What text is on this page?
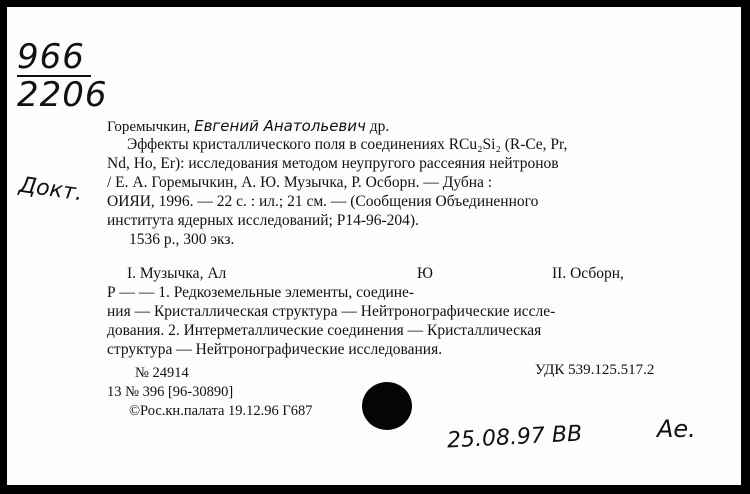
966

2206
Докт.
Горемычкин, Евгений Анатольевич др.
Эффекты кристаллического поля в соединениях RCu₂Si₂ (R-Ce, Pr,
Nd, Ho, Er): исследования методом неупругого рассеяния нейтронов
/ Е. А. Горемычкин, А. Ю. Музычка, Р. Осборн. — Дубна :
ОИЯИ, 1996. — 22 с. : ил.; 21 см. — (Сообщения Объединенного
института ядерных исследований; Р14-96-204).
1536 р., 300 экз.
I. Музычка, Ал	Ю	II. Осборн,
Р — — 1. Редкоземельные элементы, соедине-
ния — Кристаллическая структура — Нейтронографические иссле-
дования. 2. Интерметаллические соединения — Кристаллическая
структура — Нейтронографические исследования.
УДК 539.125.517.2
№ 24914
13 № 396 [96-30890]
©Рос.кн.палата 19.12.96 Г687
25.08.97 ВВ	Ae.
